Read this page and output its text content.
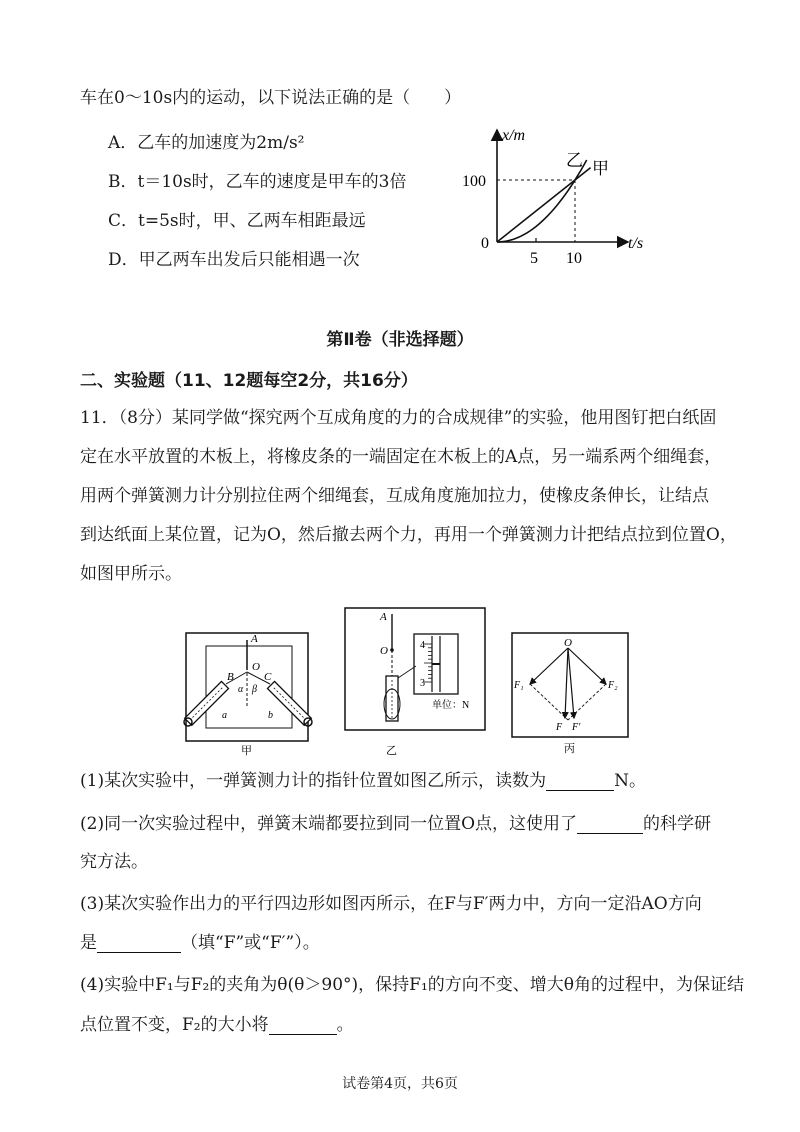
车在0～10s内的运动，以下说法正确的是（　　）
A．乙车的加速度为2m/s²
B．t＝10s时，乙车的速度是甲车的3倍
C．t=5s时，甲、乙两车相距最远
D．甲乙两车出发后只能相遇一次
x/m
t/s
0
100
5 10
乙 甲
第Ⅱ卷（非选择题）
二、实验题（11、12题每空2分，共16分）
11．（8分）某同学做“探究两个互成角度的力的合成规律”的实验，他用图钉把白纸固
定在水平放置的木板上，将橡皮条的一端固定在木板上的A点，另一端系两个细绳套，
用两个弹簧测力计分别拉住两个细绳套，互成角度施加拉力，使橡皮条伸长，让结点
到达纸面上某位置，记为O，然后撤去两个力，再用一个弹簧测力计把结点拉到位置O，
如图甲所示。
A
O
B	C
α β
a	b
甲
A
O	4
3
单位：N
乙
O
F₁	F₂
F F′
丙
(1)某次实验中，一弹簧测力计的指针位置如图乙所示，读数为	N。
(2)同一次实验过程中，弹簧末端都要拉到同一位置O点，这使用了	的科学研
究方法。
(3)某次实验作出力的平行四边形如图丙所示，在F与F′两力中，方向一定沿AO方向
是	（填“F”或“F′”）。
(4)实验中F₁与F₂的夹角为θ(θ＞90°)，保持F₁的方向不变、增大θ角的过程中，为保证结
点位置不变，F₂的大小将	。
试卷第4页，共6页
